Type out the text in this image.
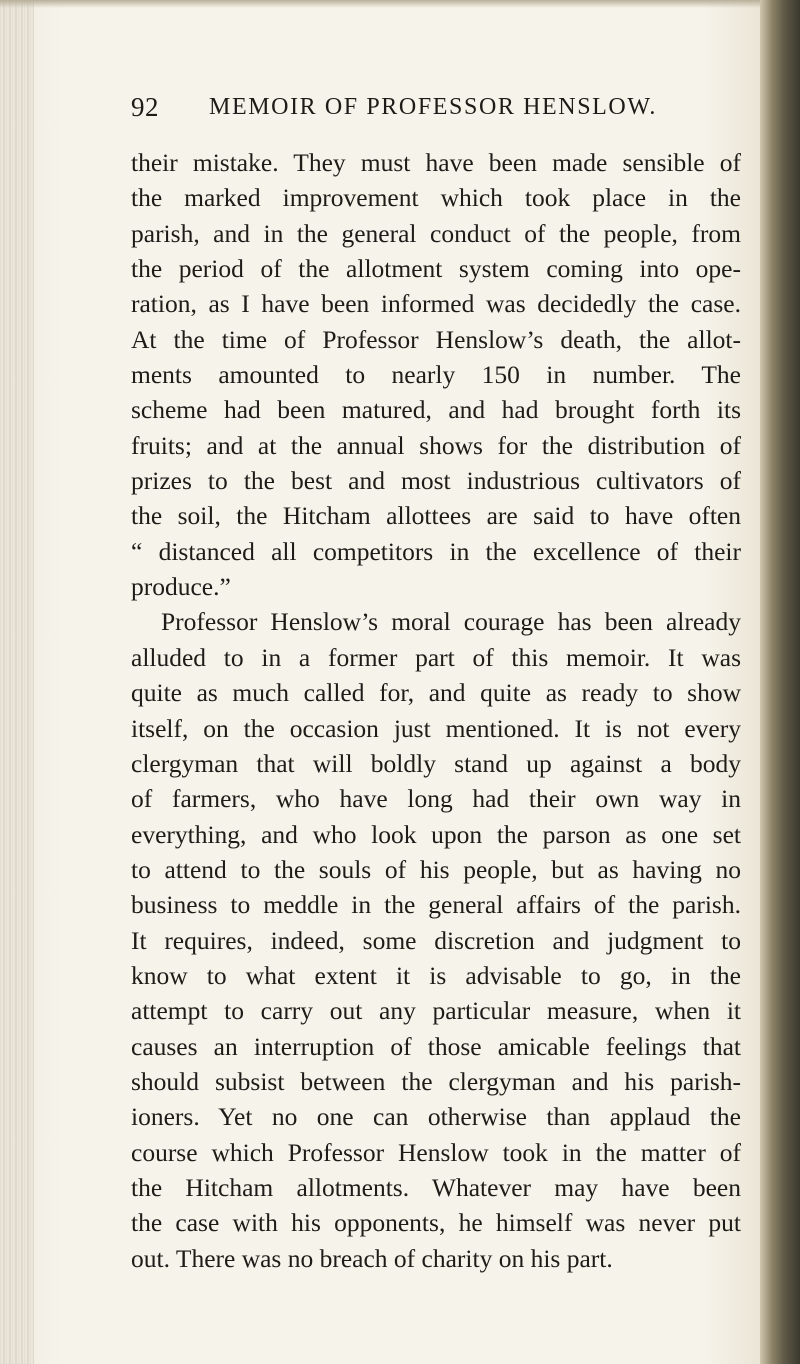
92 MEMOIR OF PROFESSOR HENSLOW.
their mistake. They must have been made sensible of
the marked improvement which took place in the
parish, and in the general conduct of the people, from
the period of the allotment system coming into ope-
ration, as I have been informed was decidedly the case.
At the time of Professor Henslow’s death, the allot-
ments amounted to nearly 150 in number. The
scheme had been matured, and had brought forth its
fruits; and at the annual shows for the distribution of
prizes to the best and most industrious cultivators of
the soil, the Hitcham allottees are said to have often
“ distanced all competitors in the excellence of their
produce.”
Professor Henslow’s moral courage has been already
alluded to in a former part of this memoir. It was
quite as much called for, and quite as ready to show
itself, on the occasion just mentioned. It is not every
clergyman that will boldly stand up against a body
of farmers, who have long had their own way in
everything, and who look upon the parson as one set
to attend to the souls of his people, but as having no
business to meddle in the general affairs of the parish.
It requires, indeed, some discretion and judgment to
know to what extent it is advisable to go, in the
attempt to carry out any particular measure, when it
causes an interruption of those amicable feelings that
should subsist between the clergyman and his parish-
ioners. Yet no one can otherwise than applaud the
course which Professor Henslow took in the matter of
the Hitcham allotments. Whatever may have been
the case with his opponents, he himself was never put
out. There was no breach of charity on his part.
